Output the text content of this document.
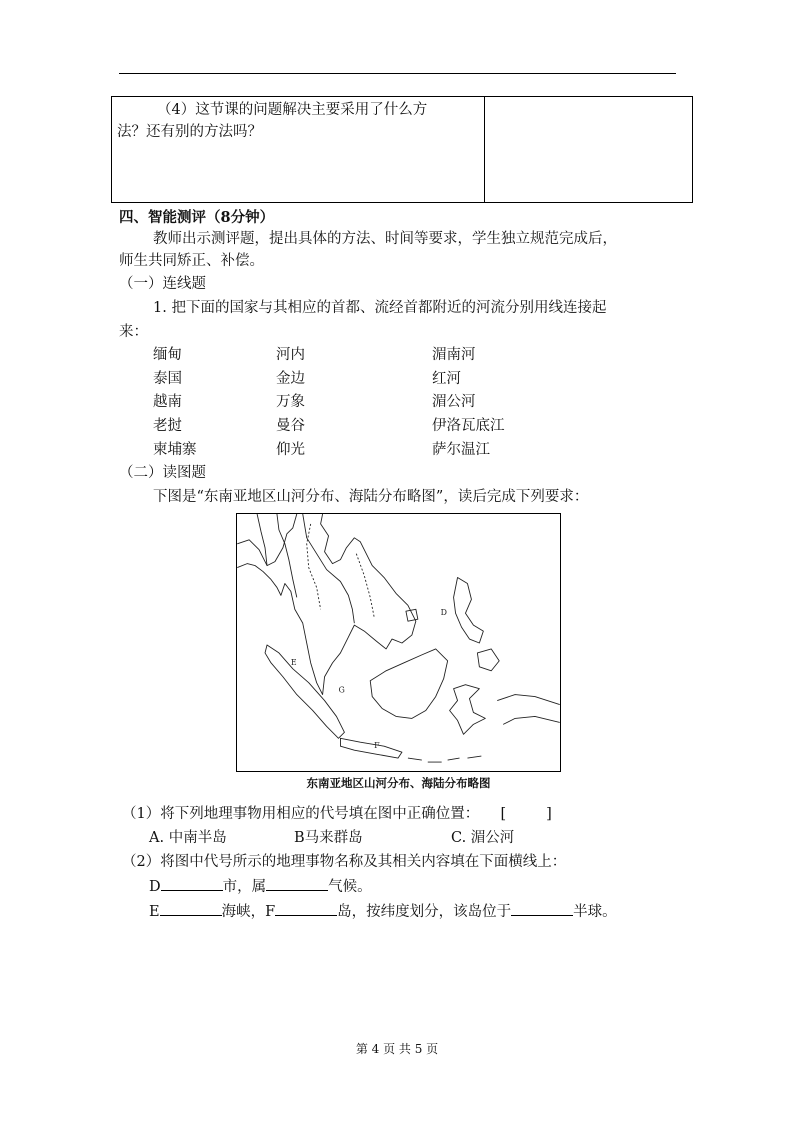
（4）这节课的问题解决主要采用了什么方
法？还有别的方法吗？
四、智能测评（8分钟）
教师出示测评题，提出具体的方法、时间等要求，学生独立规范完成后，
师生共同矫正、补偿。
（一）连线题
1. 把下面的国家与其相应的首都、流经首都附近的河流分别用线连接起
来：
缅甸	河内	湄南河
泰国	金边	红河
越南	万象	湄公河
老挝	曼谷	伊洛瓦底江
柬埔寨	仰光	萨尔温江
（二）读图题
下图是“东南亚地区山河分布、海陆分布略图”，读后完成下列要求：
D
E
F
G
东南亚地区山河分布、海陆分布略图
（1）将下列地理事物用相应的代号填在图中正确位置： [	]
A. 中南半岛	B马来群岛	C. 湄公河
（2）将图中代号所示的地理事物名称及其相关内容填在下面横线上：
D	市，属	气候。
E	海峡，F	岛，按纬度划分，该岛位于	半球。
第 4 页 共 5 页
